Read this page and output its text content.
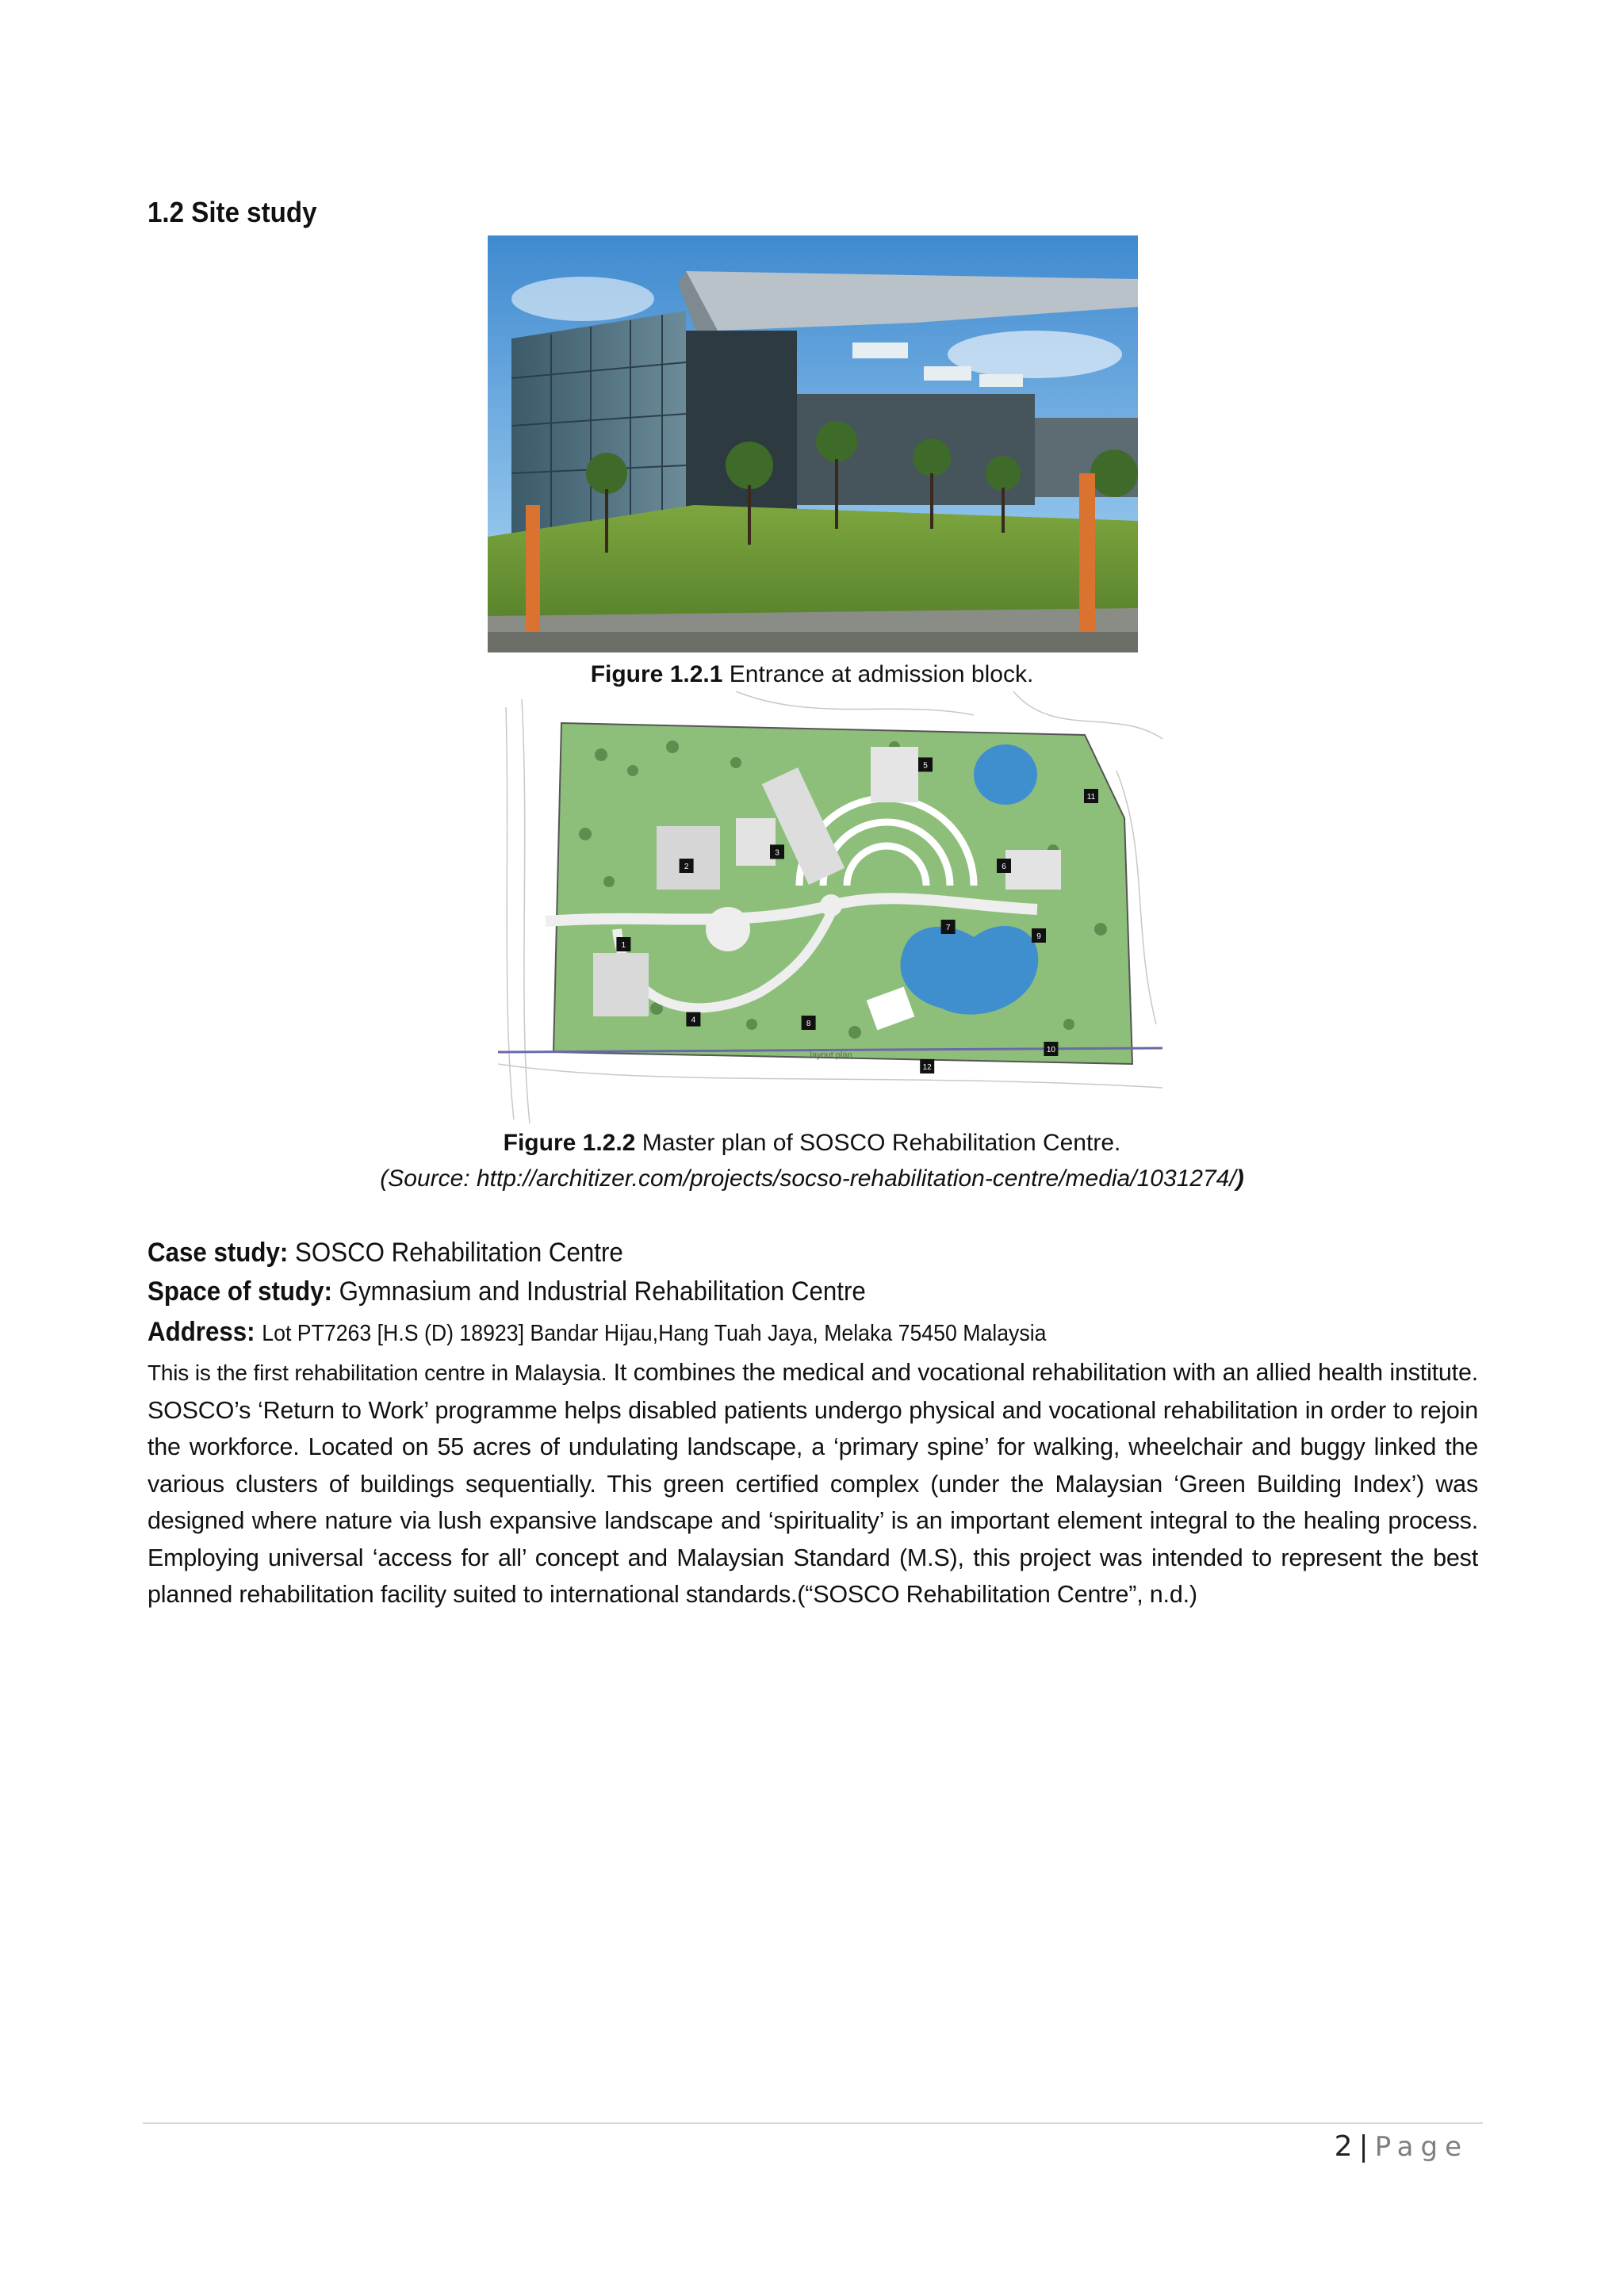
1.2 Site study
Figure 1.2.1 Entrance at admission block.
layout plan
1
2
3
4
5
6
7
8
9
10
11
12
Figure 1.2.2 Master plan of SOSCO Rehabilitation Centre.
(Source: http://architizer.com/projects/socso-rehabilitation-centre/media/1031274/)
Case study: SOSCO Rehabilitation Centre
Space of study: Gymnasium and Industrial Rehabilitation Centre
Address: Lot PT7263 [H.S (D) 18923] Bandar Hijau,Hang Tuah Jaya, Melaka 75450 Malaysia
This is the first rehabilitation centre in Malaysia. It combines the medical and vocational rehabilitation with an allied health institute. SOSCO’s ‘Return to Work’ programme helps disabled patients undergo physical and vocational rehabilitation in order to rejoin the workforce. Located on 55 acres of undulating landscape, a ‘primary spine’ for walking, wheelchair and buggy linked the various clusters of buildings sequentially. This green certified complex (under the Malaysian ‘Green Building Index’) was designed where nature via lush expansive landscape and ‘spirituality’ is an important element integral to the healing process. Employing universal ‘access for all’ concept and Malaysian Standard (M.S), this project was intended to represent the best planned rehabilitation facility suited to international standards.(“SOSCO Rehabilitation Centre”, n.d.)
2 | Page
